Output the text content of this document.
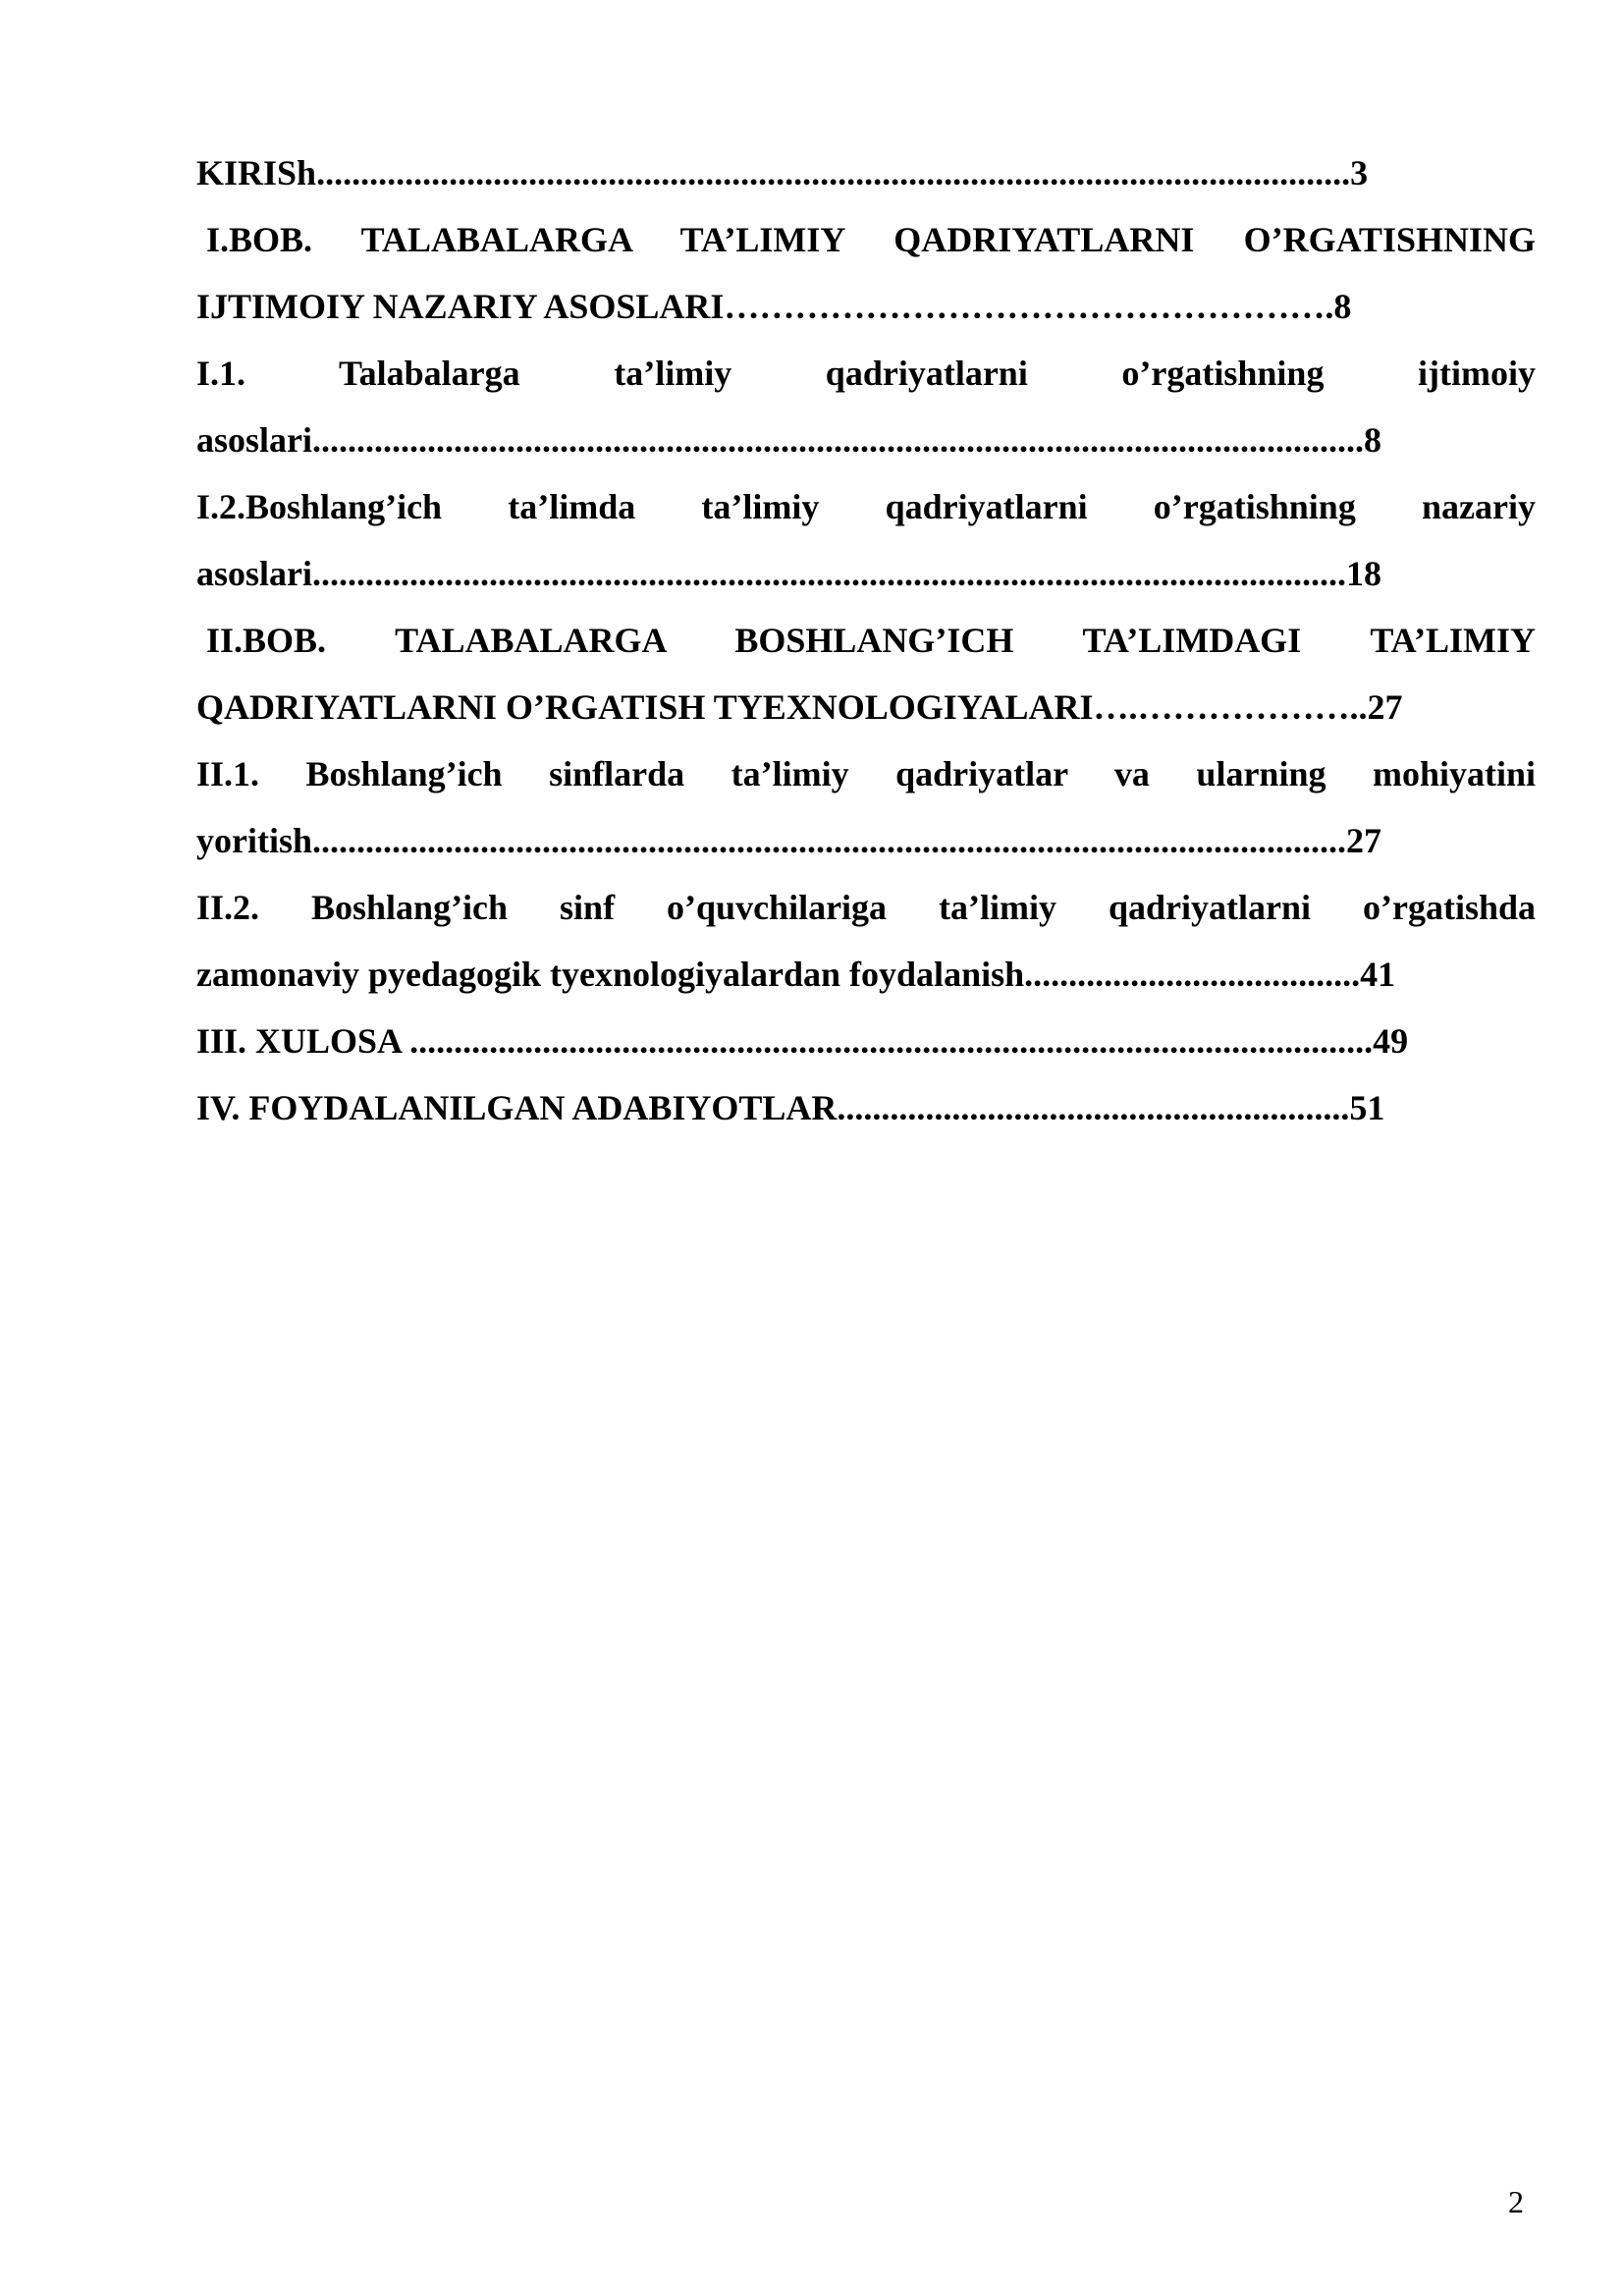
KIRISh.....................................................................................................................3
I.BOB. TALABALARGA TA’LIMIY QADRIYATLARNI O’RGATISHNING
IJTIMOIY NAZARIY ASOSLARI…………………………………………….8
I.1. Talabalarga ta’limiy qadriyatlarni o’rgatishning ijtimoiy
asoslari.......................................................................................................................8
I.2.Boshlang’ich ta’limda ta’limiy qadriyatlarni o’rgatishning nazariy
asoslari.....................................................................................................................18
II.BOB. TALABALARGA BOSHLANG’ICH TA’LIMDAGI TA’LIMIY
QADRIYATLARNI O’RGATISH TYEXNOLOGIYALARI….………………..27
II.1. Boshlang’ich sinflarda ta’limiy qadriyatlar va ularning mohiyatini
yoritish.....................................................................................................................27
II.2. Boshlang’ich sinf o’quvchilariga ta’limiy qadriyatlarni o’rgatishda
zamonaviy pyedagogik tyexnologiyalardan foydalanish......................................41
III. XULOSA .............................................................................................................49
IV. FOYDALANILGAN ADABIYOTLAR..........................................................51
2
